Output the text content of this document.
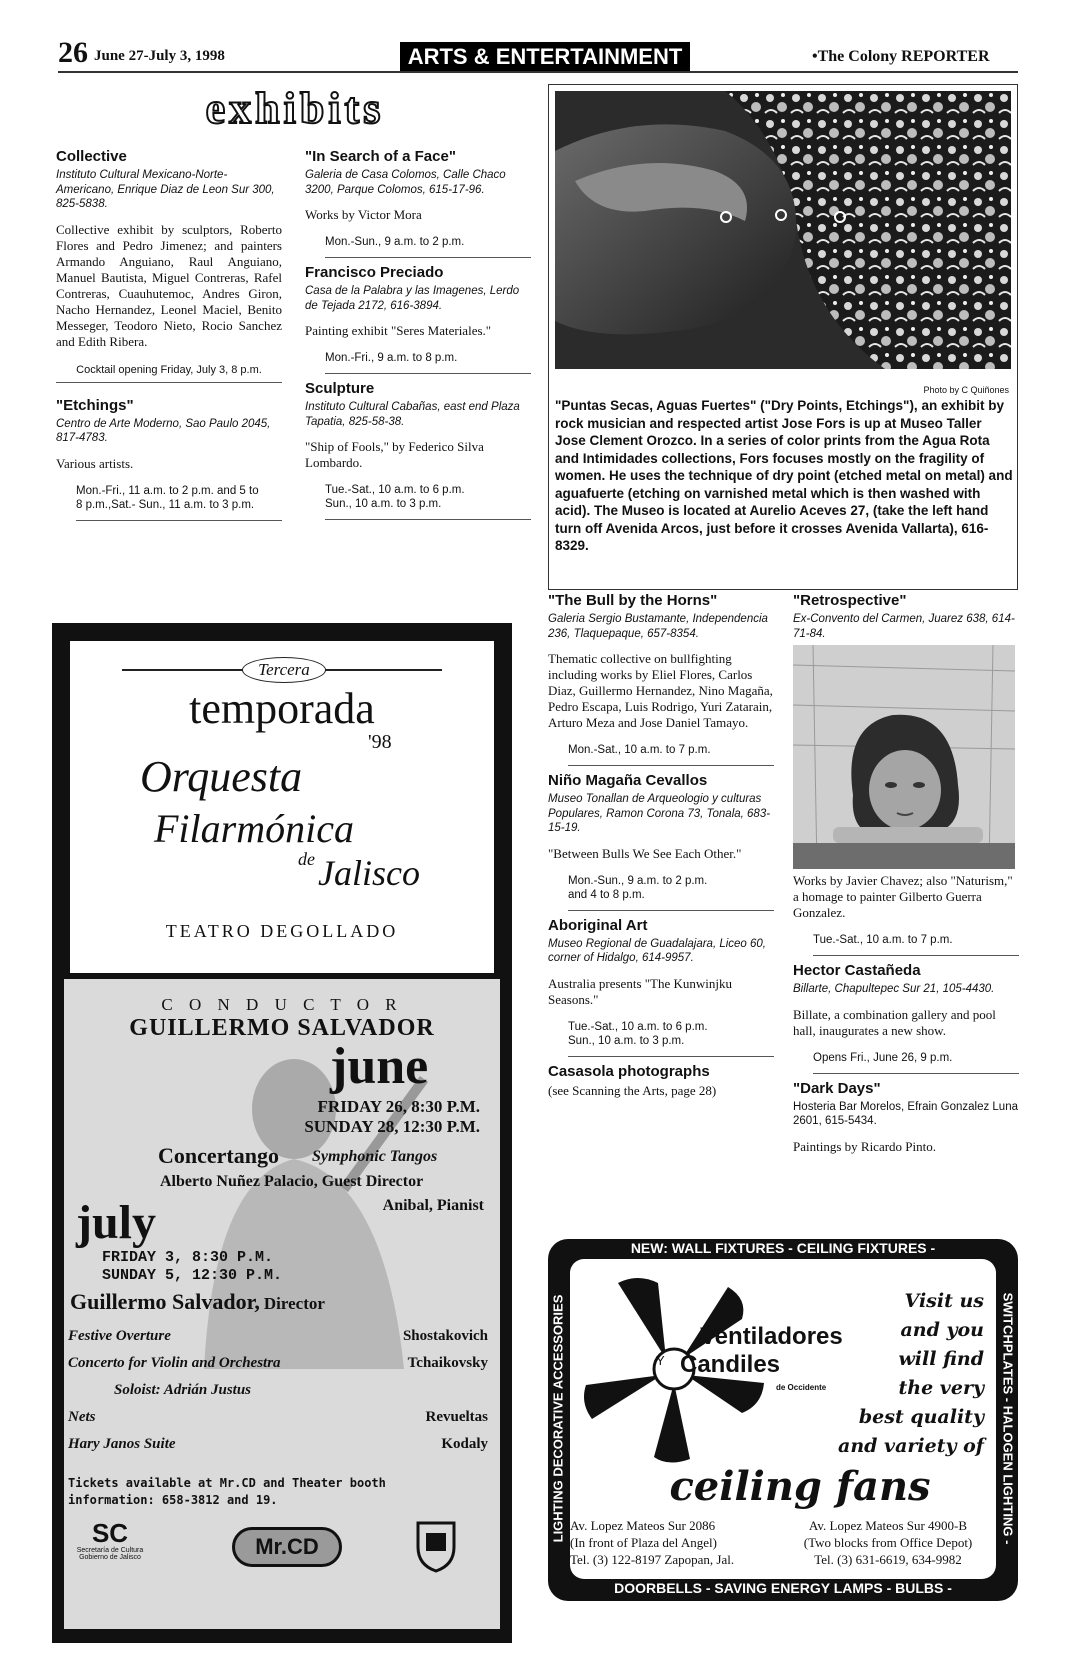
26 June 27-July 3, 1998	ARTS & ENTERTAINMENT	•The Colony REPORTER
exhibits
Collective
Instituto Cultural Mexicano-Norte-Americano, Enrique Diaz de Leon Sur 300, 825-5838.
Collective exhibit by sculptors, Roberto Flores and Pedro Jimenez; and painters Armando Anguiano, Raul Anguiano, Manuel Bautista, Miguel Contreras, Rafel Contreras, Cuauhutemoc, Andres Giron, Nacho Hernandez, Leonel Maciel, Benito Messeger, Teodoro Nieto, Rocio Sanchez and Edith Ribera.
Cocktail opening Friday, July 3, 8 p.m.
"Etchings"
Centro de Arte Moderno, Sao Paulo 2045, 817-4783.
Various artists.
Mon.-Fri., 11 a.m. to 2 p.m. and 5 to
8 p.m.,Sat.- Sun., 11 a.m. to 3 p.m.
"In Search of a Face"
Galeria de Casa Colomos, Calle Chaco 3200, Parque Colomos, 615-17-96.
Works by Victor Mora
Mon.-Sun., 9 a.m. to 2 p.m.
Francisco Preciado
Casa de la Palabra y las Imagenes, Lerdo de Tejada 2172, 616-3894.
Painting exhibit "Seres Materiales."
Mon.-Fri., 9 a.m. to 8 p.m.
Sculpture
Instituto Cultural Cabañas, east end Plaza Tapatia, 825-58-38.
"Ship of Fools," by Federico Silva Lombardo.
Tue.-Sat., 10 a.m. to 6 p.m.
Sun., 10 a.m. to 3 p.m.
Photo by C Quiñones
"Puntas Secas, Aguas Fuertes" ("Dry Points, Etchings"), an exhibit by rock musician and respected artist Jose Fors is up at Museo Taller Jose Clement Orozco. In a series of color prints from the Agua Rota and Intimidades collections, Fors focuses mostly on the fragility of women. He uses the technique of dry point (etched metal on metal) and aguafuerte (etching on varnished metal which is then washed with acid). The Museo is located at Aurelio Aceves 27, (take the left hand turn off Avenida Arcos, just before it crosses Avenida Vallarta), 616-8329.
"The Bull by the Horns"
Galeria Sergio Bustamante, Independencia 236, Tlaquepaque, 657-8354.
Thematic collective on bullfighting including works by Eliel Flores, Carlos Diaz, Guillermo Hernandez, Nino Magaña, Pedro Escapa, Luis Rodrigo, Yuri Zatarain, Arturo Meza and Jose Daniel Tamayo.
Mon.-Sat., 10 a.m. to 7 p.m.
Niño Magaña Cevallos
Museo Tonallan de Arqueologio y culturas Populares, Ramon Corona 73, Tonala, 683-15-19.
"Between Bulls We See Each Other."
Mon.-Sun., 9 a.m. to 2 p.m.
and 4 to 8 p.m.
Aboriginal Art
Museo Regional de Guadalajara, Liceo 60, corner of Hidalgo, 614-9957.
Australia presents "The Kunwinjku Seasons."
Tue.-Sat., 10 a.m. to 6 p.m.
Sun., 10 a.m. to 3 p.m.
Casasola photographs
(see Scanning the Arts, page 28)
"Retrospective"
Ex-Convento del Carmen, Juarez 638, 614-71-84.
Works by Javier Chavez; also "Naturism," a homage to painter Gilberto Guerra Gonzalez.
Tue.-Sat., 10 a.m. to 7 p.m.
Hector Castañeda
Billarte, Chapultepec Sur 21, 105-4430.
Billate, a combination gallery and pool hall, inaugurates a new show.
Opens Fri., June 26, 9 p.m.
"Dark Days"
Hosteria Bar Morelos, Efrain Gonzalez Luna 2601, 615-5434.
Paintings by Ricardo Pinto.
Tercera
temporada
'98
Orquesta
Filarmónica
de Jalisco
TEATRO DEGOLLADO
C O N D U C T O R
GUILLERMO SALVADOR
june
FRIDAY 26, 8:30 P.M.
SUNDAY 28, 12:30 P.M.
Concertango Symphonic Tangos
Alberto Nuñez Palacio, Guest Director
Anibal, Pianist
july
FRIDAY 3, 8:30 P.M.
SUNDAY 5, 12:30 P.M.
Guillermo Salvador, Director
Festive Overture	Shostakovich
Concerto for Violin and Orchestra	Tchaikovsky
Soloist: Adrián Justus
Nets	Revueltas
Hary Janos Suite	Kodaly
Tickets available at Mr.CD and Theater booth
information: 658-3812 and 19.
SC
Secretaría de Cultura
Gobierno de Jalisco	Mr.CD
NEW: WALL FIXTURES - CEILING FIXTURES -
DOORBELLS - SAVING ENERGY LAMPS - BULBS -
LIGHTING DECORATIVE ACCESSORIES	SWITCHPLATES - HALOGEN LIGHTING -
Ventiladores
Y Candiles
de Occidente
Visit us
and you
will find
the very
best quality
and variety of
ceiling fans
Av. Lopez Mateos Sur 2086
(In front of Plaza del Angel)
Tel. (3) 122-8197 Zapopan, Jal.
Av. Lopez Mateos Sur 4900-B
(Two blocks from Office Depot)
Tel. (3) 631-6619, 634-9982
